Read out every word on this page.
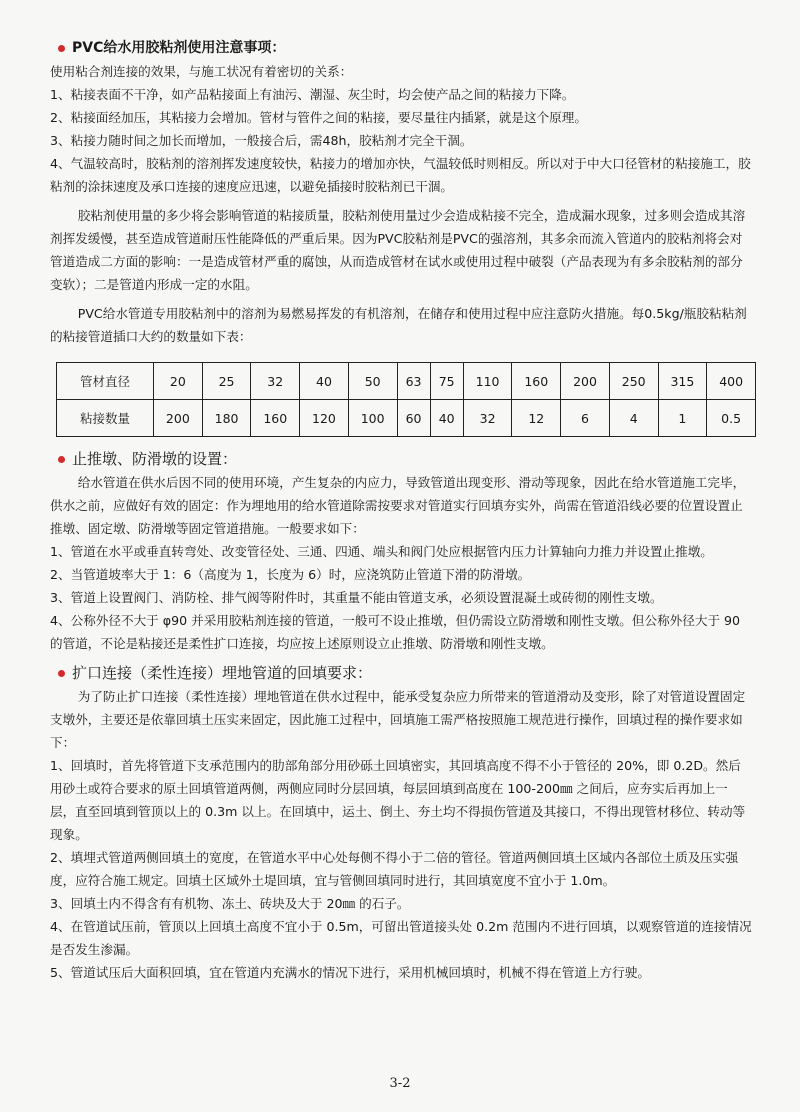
PVC给水用胶粘剂使用注意事项：

使用粘合剂连接的效果，与施工状况有着密切的关系：

1、粘接表面不干净，如产品粘接面上有油污、潮湿、灰尘时，均会使产品之间的粘接力下降。

2、粘接面经加压，其粘接力会增加。管材与管件之间的粘接，要尽量往内插紧，就是这个原理。

3、粘接力随时间之加长而增加，一般接合后，需48h，胶粘剂才完全干涸。

4、气温较高时，胶粘剂的溶剂挥发速度较快，粘接力的增加亦快，气温较低时则相反。所以对于中大口径管材的粘接施工，胶粘剂的涂抹速度及承口连接的速度应迅速，以避免插接时胶粘剂已干涸。

胶粘剂使用量的多少将会影响管道的粘接质量，胶粘剂使用量过少会造成粘接不完全，造成漏水现象，过多则会造成其溶剂挥发缓慢，甚至造成管道耐压性能降低的严重后果。因为PVC胶粘剂是PVC的强溶剂，其多余而流入管道内的胶粘剂将会对管道造成二方面的影响：一是造成管材严重的腐蚀，从而造成管材在试水或使用过程中破裂（产品表现为有多余胶粘剂的部分变软）；二是管道内形成一定的水阻。

PVC给水管道专用胶粘剂中的溶剂为易燃易挥发的有机溶剂，在储存和使用过程中应注意防火措施。每0.5kg/瓶胶粘粘剂的粘接管道插口大约的数量如下表：

管材直径	20	25	32	40	50	63	75	110	160	200	250	315	400
粘接数量	200	180	160	120	100	60	40	32	12	6	4	1	0.5
止推墩、防滑墩的设置：

给水管道在供水后因不同的使用环境，产生复杂的内应力，导致管道出现变形、滑动等现象，因此在给水管道施工完毕，供水之前，应做好有效的固定：作为埋地用的给水管道除需按要求对管道实行回填夯实外，尚需在管道沿线必要的位置设置止推墩、固定墩、防滑墩等固定管道措施。一般要求如下：

1、管道在水平或垂直转弯处、改变管径处、三通、四通、端头和阀门处应根据管内压力计算轴向力推力并设置止推墩。

2、当管道坡率大于 1：6（高度为 1，长度为 6）时，应浇筑防止管道下滑的防滑墩。

3、管道上设置阀门、消防栓、排气阀等附件时，其重量不能由管道支承，必须设置混凝土或砖彻的刚性支墩。

4、公称外径不大于 φ90 并采用胶粘剂连接的管道，一般可不设止推墩，但仍需设立防滑墩和刚性支墩。但公称外径大于 90 的管道，不论是粘接还是柔性扩口连接，均应按上述原则设立止推墩、防滑墩和刚性支墩。

扩口连接（柔性连接）埋地管道的回填要求：

为了防止扩口连接（柔性连接）埋地管道在供水过程中，能承受复杂应力所带来的管道滑动及变形，除了对管道设置固定支墩外，主要还是依靠回填土压实来固定，因此施工过程中，回填施工需严格按照施工规范进行操作，回填过程的操作要求如下：

1、回填时，首先将管道下支承范围内的肋部角部分用砂砾土回填密实，其回填高度不得不小于管径的 20%，即 0.2D。然后用砂土或符合要求的原土回填管道两侧，两侧应同时分层回填，每层回填到高度在 100-200㎜ 之间后，应夯实后再加上一层，直至回填到管顶以上的 0.3m 以上。在回填中，运土、倒土、夯土均不得损伤管道及其接口，不得出现管材移位、转动等现象。

2、填埋式管道两侧回填土的宽度，在管道水平中心处每侧不得小于二倍的管径。管道两侧回填土区域内各部位土质及压实强度，应符合施工规定。回填土区域外土堤回填，宜与管侧回填同时进行，其回填宽度不宜小于 1.0m。

3、回填土内不得含有有机物、冻土、砖块及大于 20㎜ 的石子。

4、在管道试压前，管顶以上回填土高度不宜小于 0.5m，可留出管道接头处 0.2m 范围内不进行回填，以观察管道的连接情况是否发生渗漏。

5、管道试压后大面积回填，宜在管道内充满水的情况下进行，采用机械回填时，机械不得在管道上方行驶。

3-2
